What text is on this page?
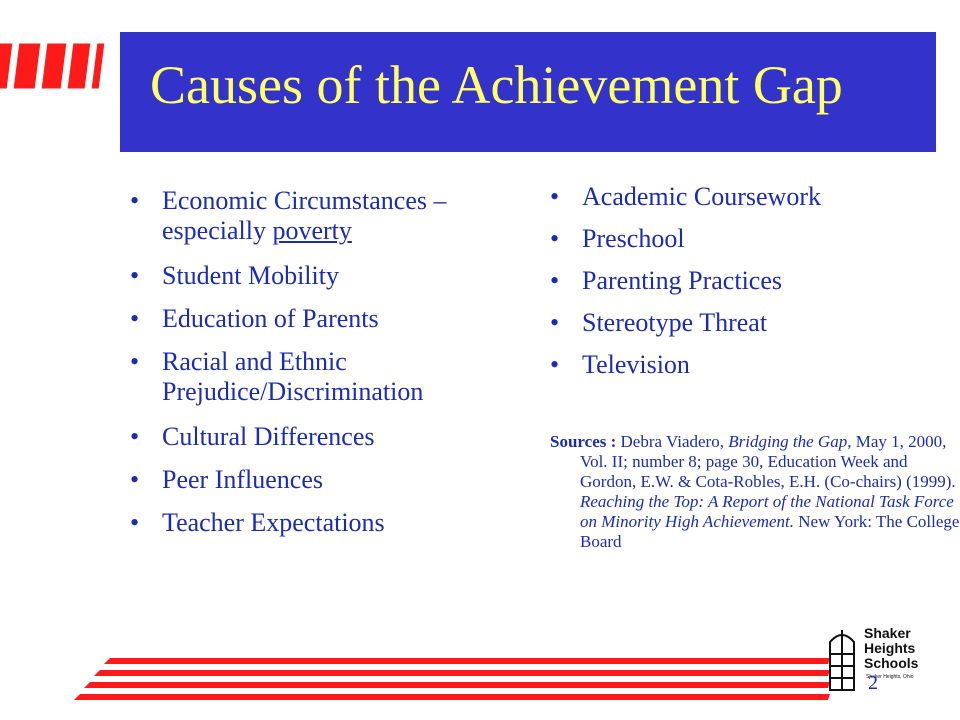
Causes of the Achievement Gap
• Economic Circumstances – especially poverty
• Student Mobility
• Education of Parents
• Racial and Ethnic Prejudice/Discrimination
• Cultural Differences
• Peer Influences
• Teacher Expectations
• Academic Coursework
• Preschool
• Parenting Practices
• Stereotype Threat
• Television

Sources : Debra Viadero, Bridging the Gap, May 1, 2000, Vol. II; number 8; page 30, Education Week and Gordon, E.W. & Cota-Robles, E.H. (Co-chairs) (1999). Reaching the Top: A Report of the National Task Force on Minority High Achievement. New York: The College Board

Shaker
Heights
Schools
Shaker Heights, Ohio
2
